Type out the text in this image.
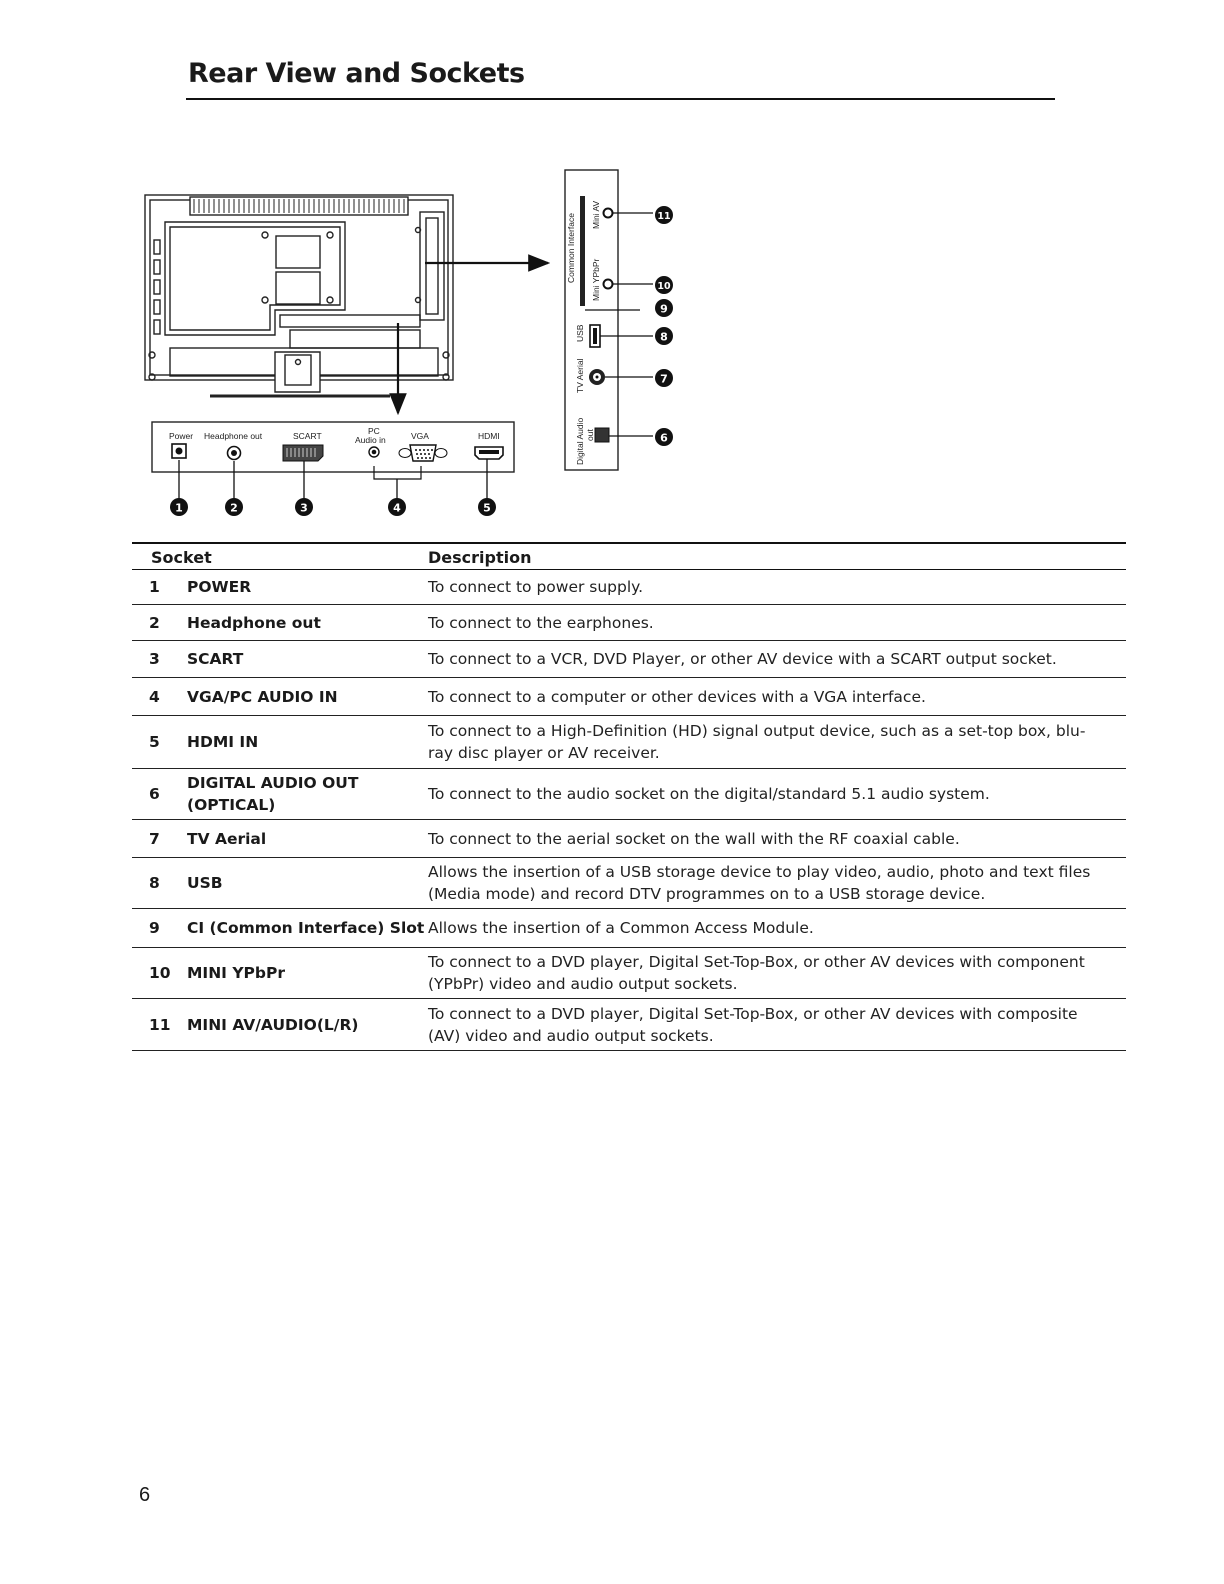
Rear View and Sockets
Power Headphone out	SCART	PC
Audio in	VGA	HDMI
Common Interface Mini AV
Mini YPbPr
USB
TV Aerial
Digital Audio out
1	2	3	4	5
6
7
8
9
10
11
Socket		Description
1	POWER	To connect to power supply.
2	Headphone out	To connect to the earphones.
3	SCART	To connect to a VCR, DVD Player, or other AV device with a SCART output socket.
4	VGA/PC AUDIO IN	To connect to a computer or other devices with a VGA interface.
5	HDMI IN	To connect to a High-Definition (HD) signal output device, such as a set-top box, blu-ray disc player or AV receiver.
6	DIGITAL AUDIO OUT (OPTICAL)	To connect to the audio socket on the digital/standard 5.1 audio system.
7	TV Aerial	To connect to the aerial socket on the wall with the RF coaxial cable.
8	USB	Allows the insertion of a USB storage device to play video, audio, photo and text files (Media mode) and record DTV programmes on to a USB storage device.
9	CI (Common Interface) Slot	Allows the insertion of a Common Access Module.
10	MINI YPbPr	To connect to a DVD player, Digital Set-Top-Box, or other AV devices with component (YPbPr) video and audio output sockets.
11	MINI AV/AUDIO(L/R)	To connect to a DVD player, Digital Set-Top-Box, or other AV devices with composite (AV) video and audio output sockets.
6
